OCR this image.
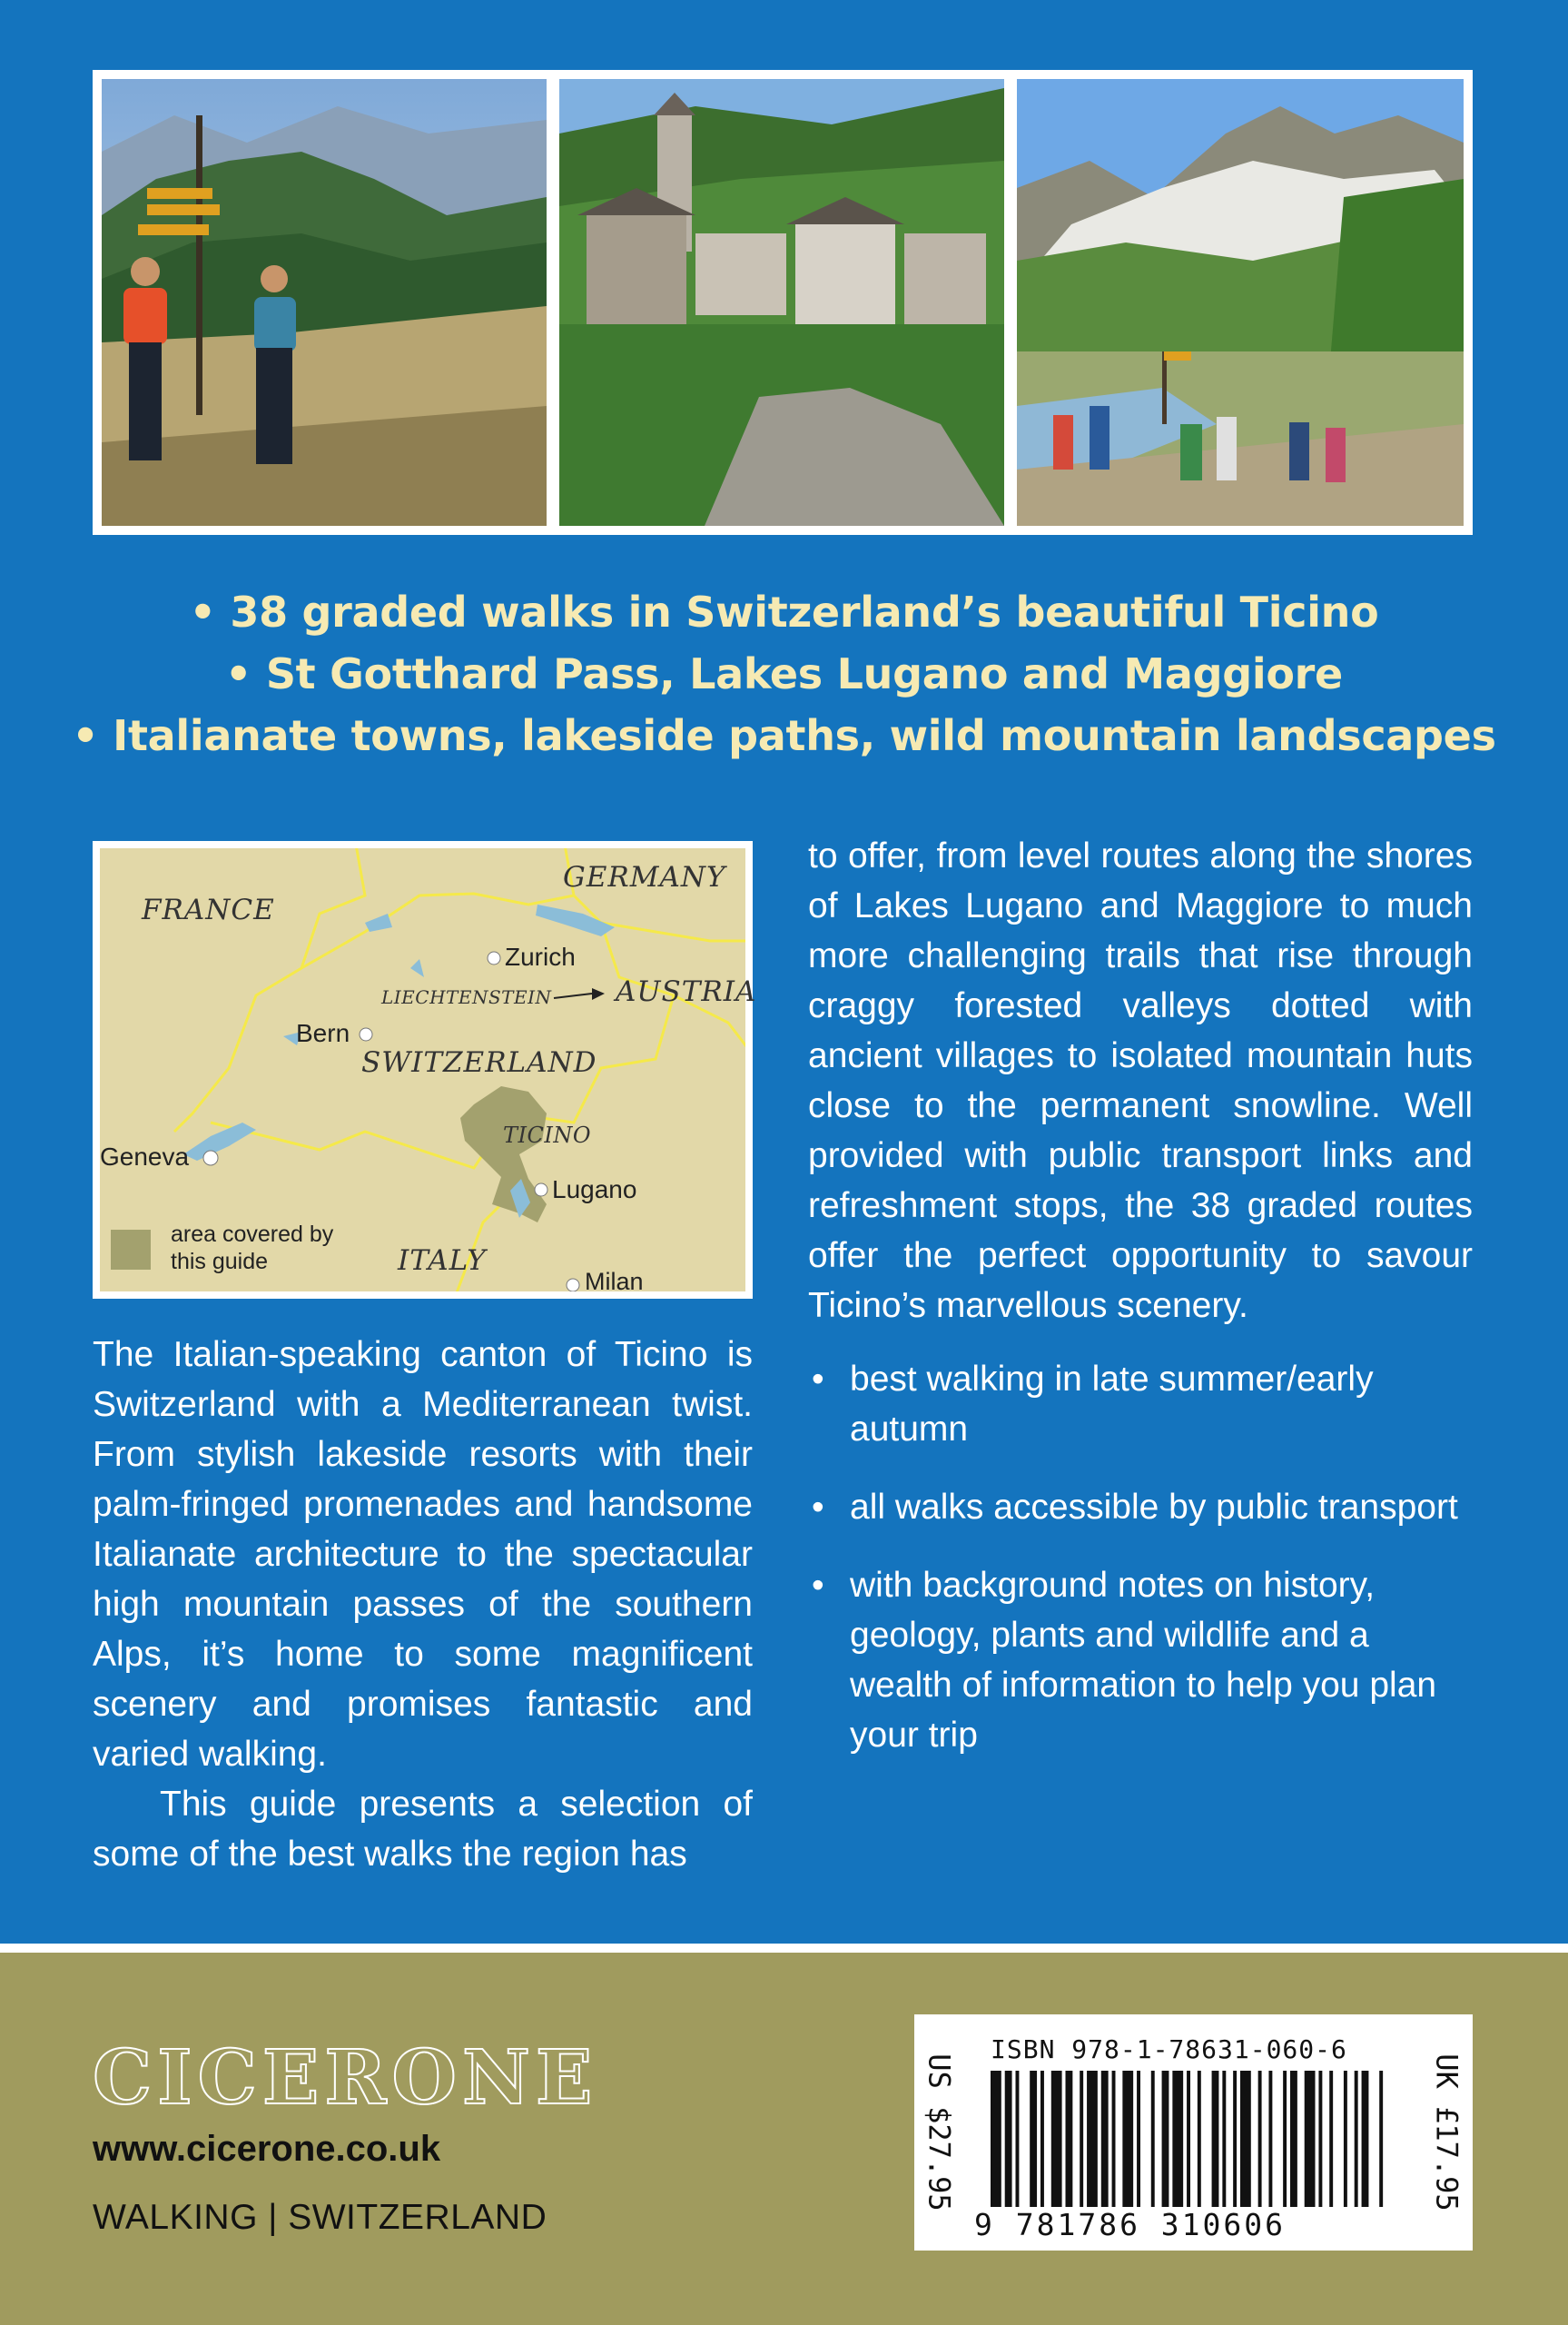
• 38 graded walks in Switzerland’s beautiful Ticino
• St Gotthard Pass, Lakes Lugano and Maggiore
• Italianate towns, lakeside paths, wild mountain landscapes
GERMANY
FRANCE
AUSTRIA
LIECHTENSTEIN
SWITZERLAND
TICINO
ITALY
Zurich
Bern
Geneva
Lugano
Milan
area covered by this guide

The Italian-speaking canton of Ticino is Switzerland with a Mediterranean twist. From stylish lakeside resorts with their palm-fringed promenades and handsome Italianate architecture to the spectacular high mountain passes of the southern Alps, it’s home to some magnificent scenery and promises fantastic and varied walking.

This guide presents a selection of some of the best walks the region has

to offer, from level routes along the shores of Lakes Lugano and Maggiore to much more challenging trails that rise through craggy forested valleys dotted with ancient villages to isolated mountain huts close to the permanent snowline. Well provided with public transport links and refreshment stops, the 38 graded routes offer the perfect opportunity to savour Ticino’s marvellous scenery.

• best walking in late summer/early autumn
• all walks accessible by public transport
• with background notes on history, geology, plants and wildlife and a wealth of information to help you plan your trip
CICERONE
www.cicerone.co.uk
WALKING | SWITZERLAND
US $27.95	UK £17.95
ISBN 978-1-78631-060-6
9 781786 310606
